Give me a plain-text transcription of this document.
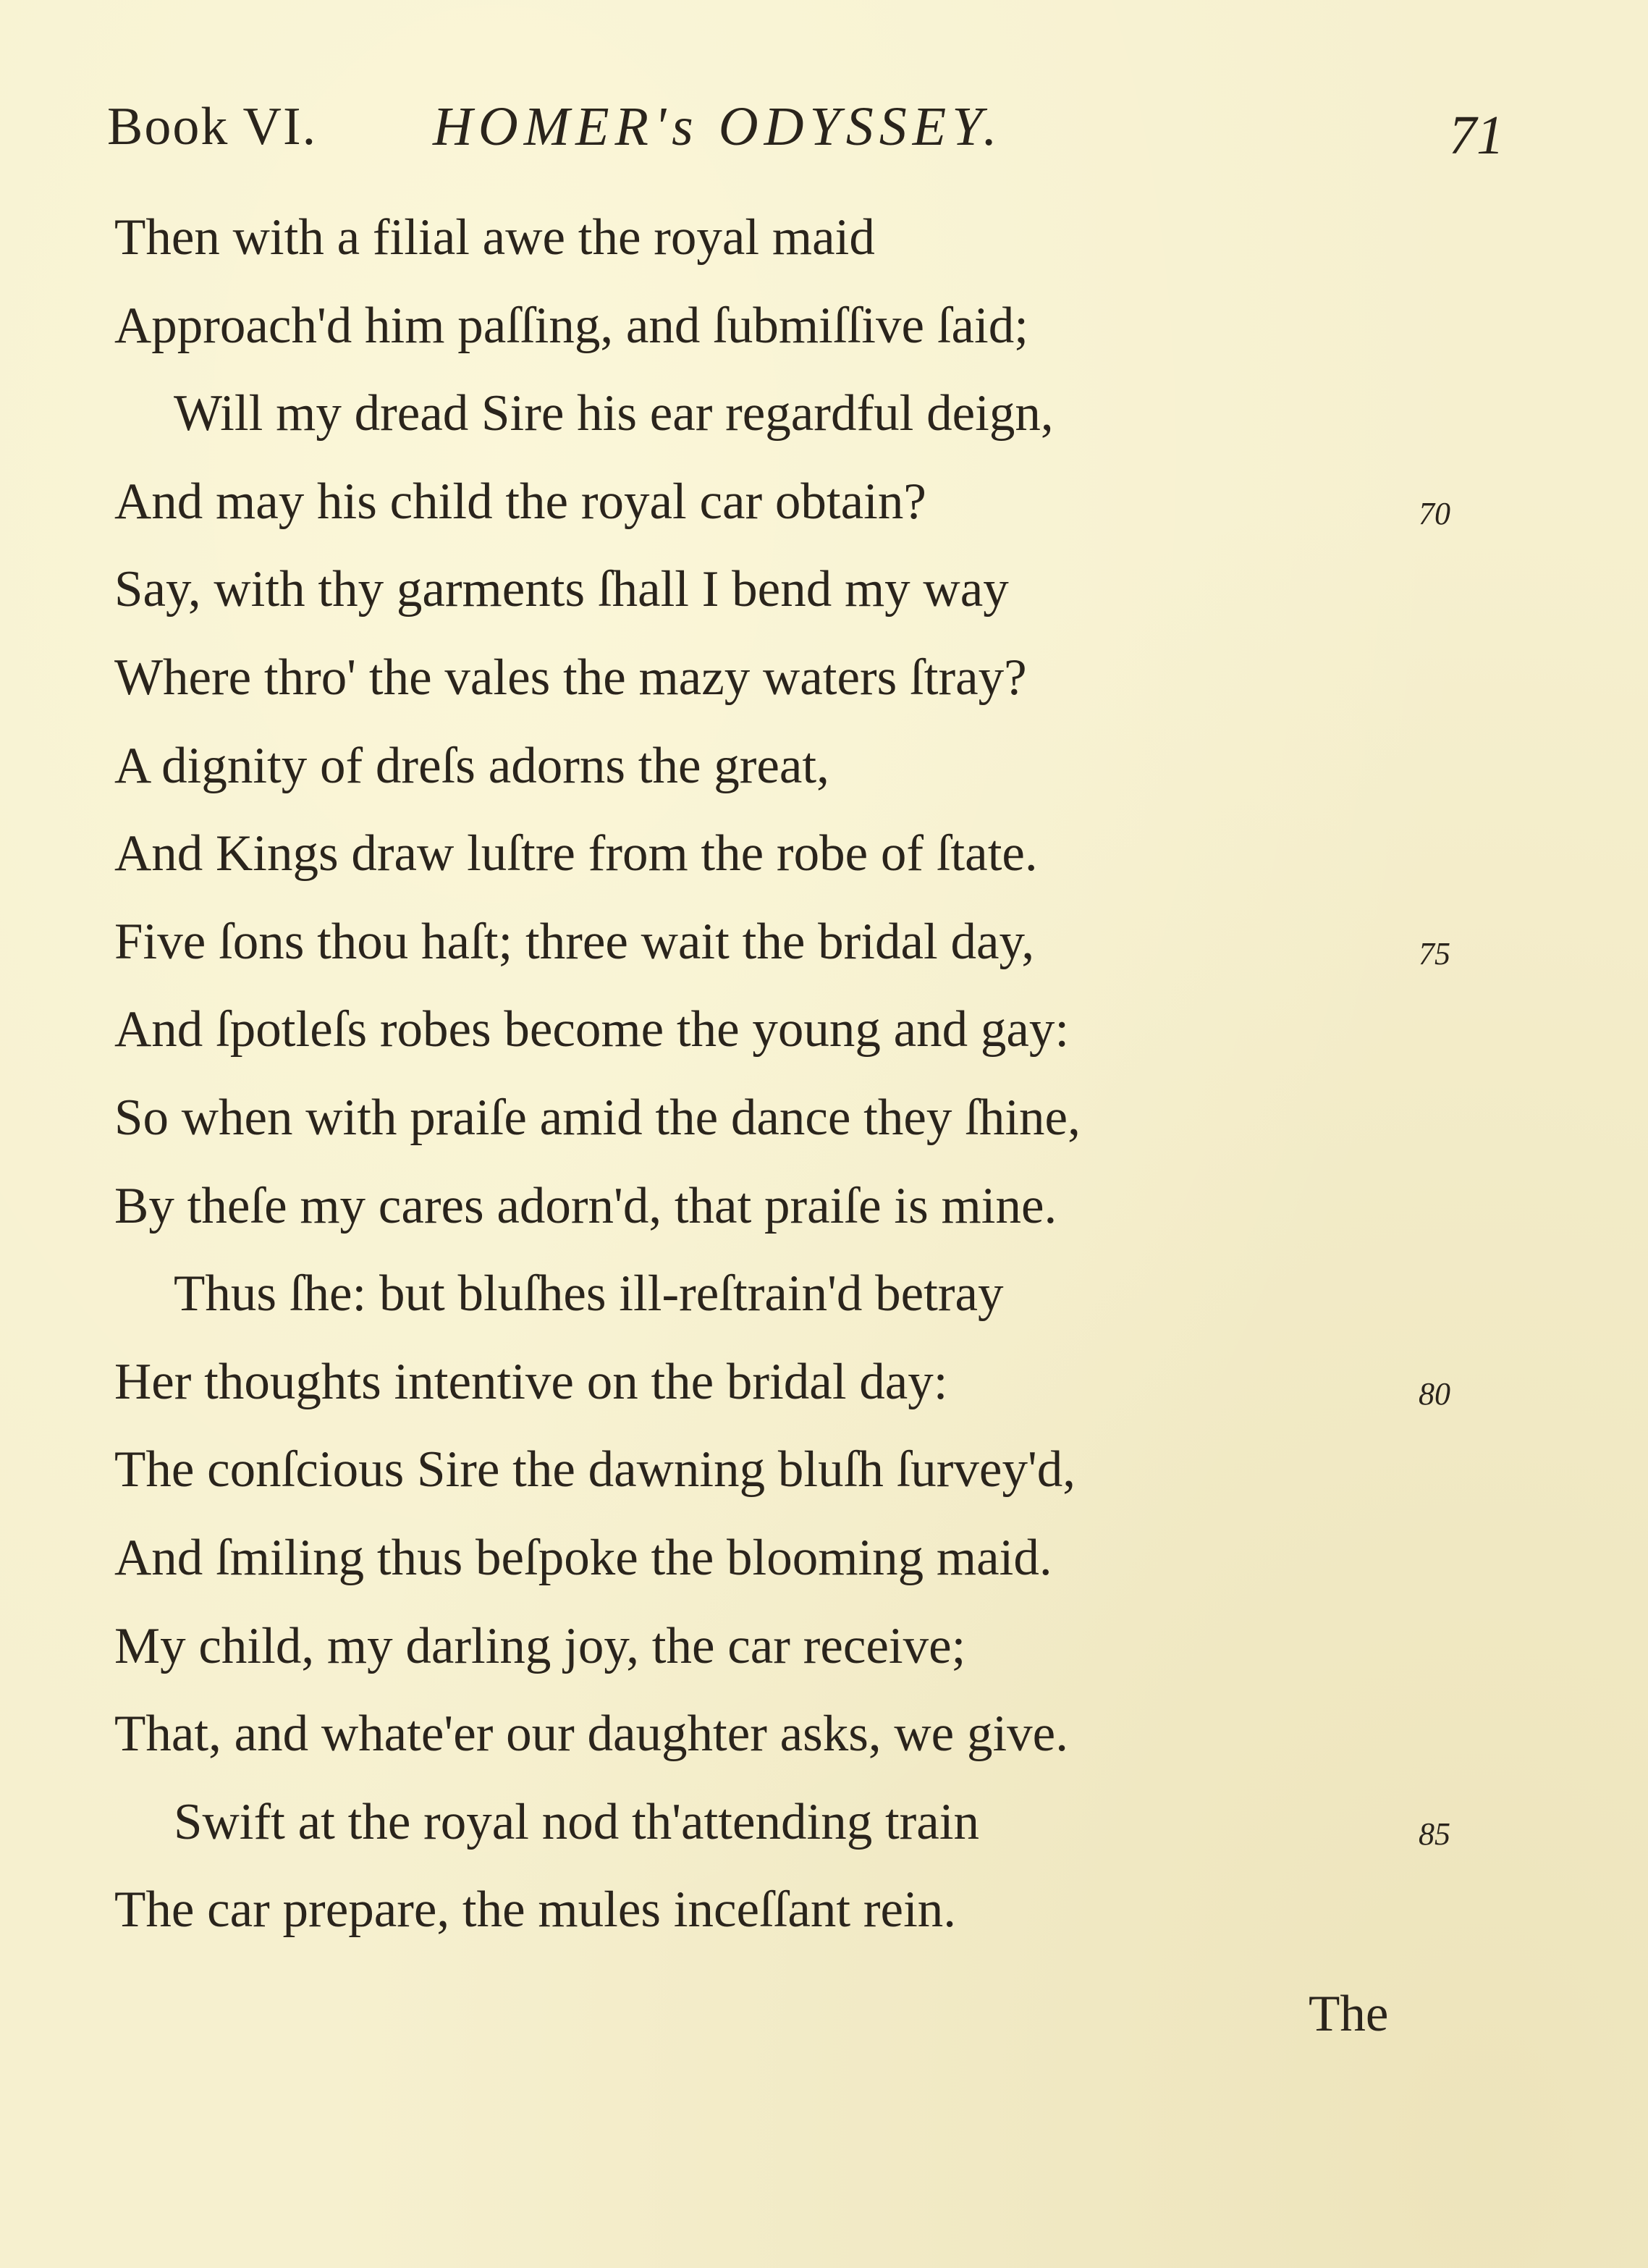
Book VI. HOMER's ODYSSEY.	71
Then with a filial awe the royal maid
Approach'd him paſſing, and ſubmiſſive ſaid;
Will my dread Sire his ear regardful deign,
And may his child the royal car obtain?	70
Say, with thy garments ſhall I bend my way
Where thro' the vales the mazy waters ſtray?
A dignity of dreſs adorns the great,
And Kings draw luſtre from the robe of ſtate.
Five ſons thou haſt; three wait the bridal day,	75
And ſpotleſs robes become the young and gay:
So when with praiſe amid the dance they ſhine,
By theſe my cares adorn'd, that praiſe is mine.
Thus ſhe: but bluſhes ill-reſtrain'd betray
Her thoughts intentive on the bridal day:	80
The conſcious Sire the dawning bluſh ſurvey'd,
And ſmiling thus beſpoke the blooming maid.
My child, my darling joy, the car receive;
That, and whate'er our daughter asks, we give.
Swift at the royal nod th'attending train	85
The car prepare, the mules inceſſant rein.
The
